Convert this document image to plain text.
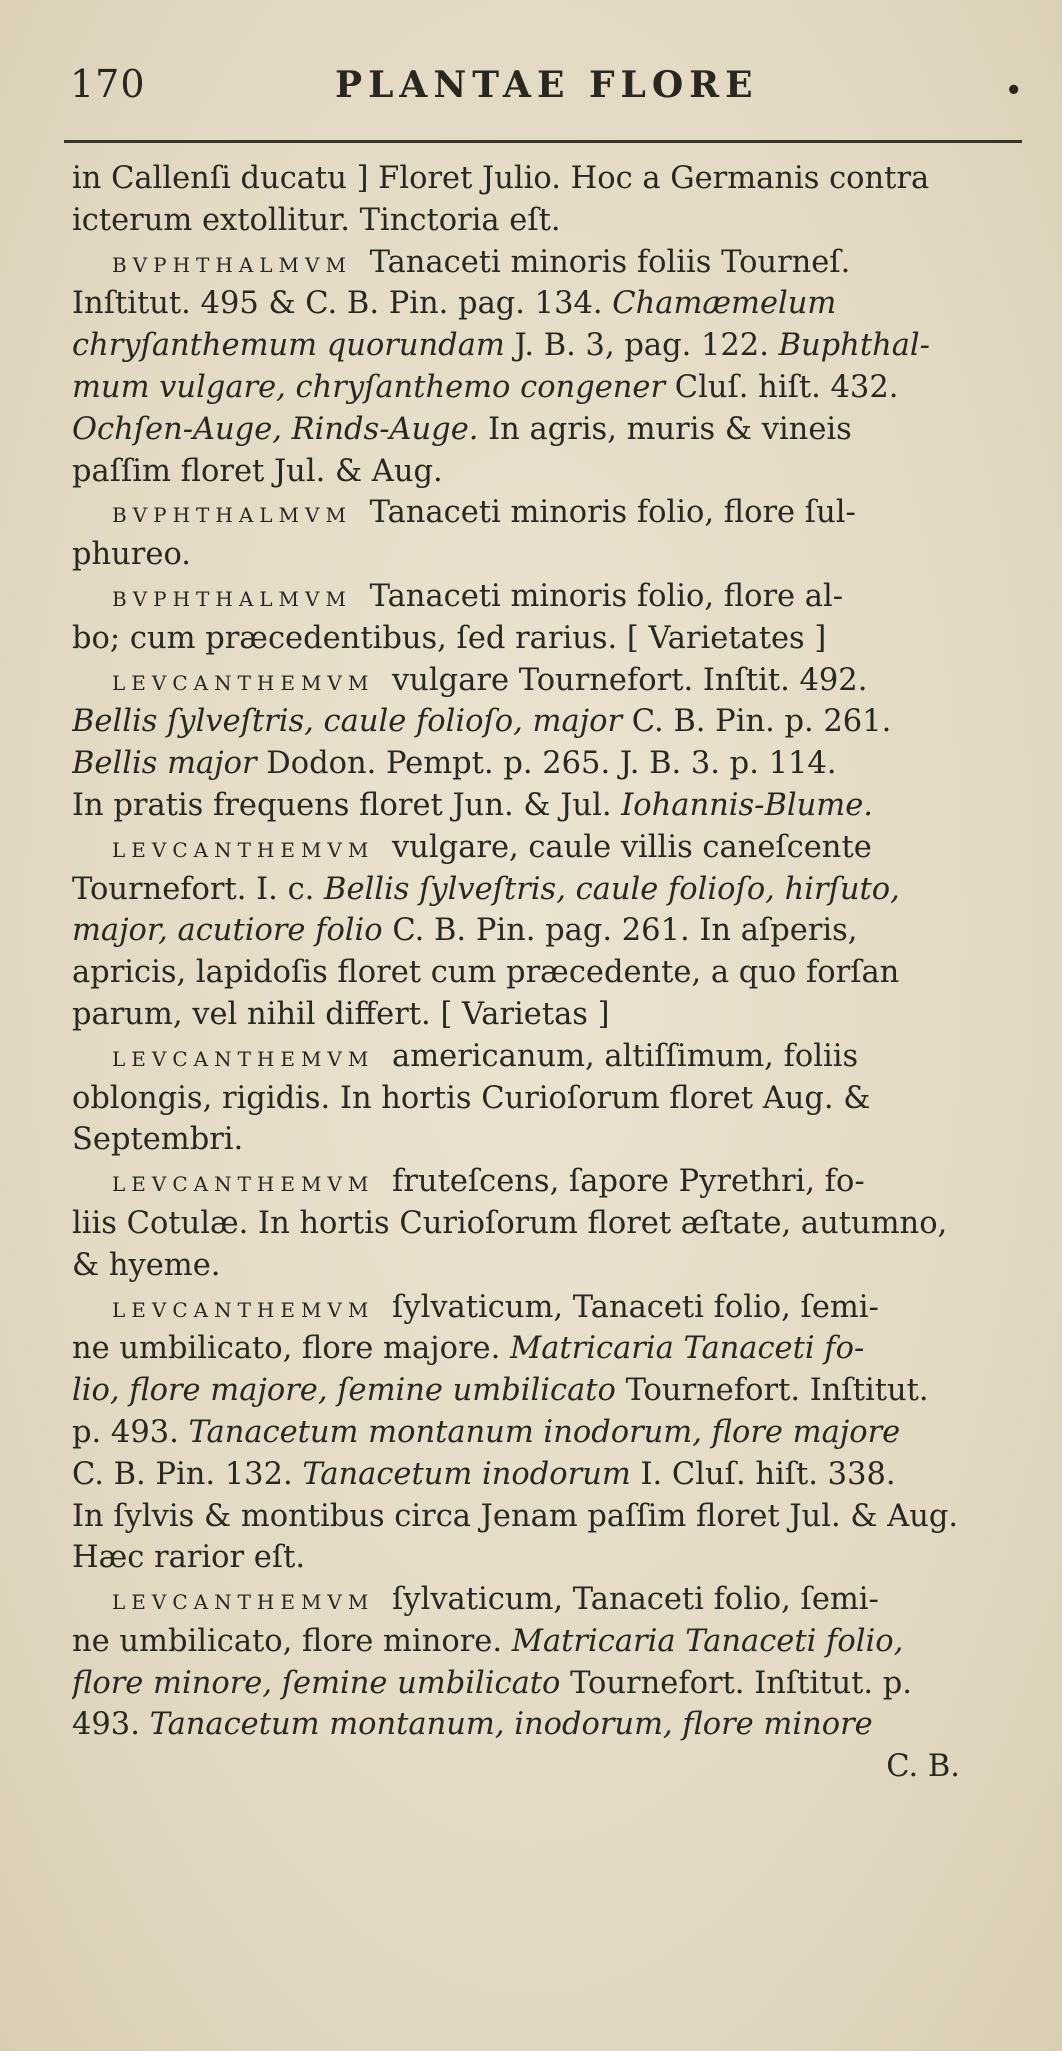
170	PLANTAE FLORE	•
in Callenſi ducatu ] Floret Julio. Hoc a Germanis contra
icterum extollitur. Tinctoria eſt.
BVPHTHALMVM Tanaceti minoris foliis Tourneſ.
Inſtitut. 495 & C. B. Pin. pag. 134. Chamæmelum
chryſanthemum quorundam J. B. 3, pag. 122. Buphthal-
mum vulgare, chryſanthemo congener Cluſ. hiſt. 432.
Ochſen-Auge, Rinds-Auge. In agris, muris & vineis
paſſim floret Jul. & Aug.
BVPHTHALMVM Tanaceti minoris folio, flore ſul-
phureo.
BVPHTHALMVM Tanaceti minoris folio, flore al-
bo; cum præcedentibus, ſed rarius. [ Varietates ]
LEVCANTHEMVM vulgare Tournefort. Inſtit. 492.
Bellis ſylveſtris, caule folioſo, major C. B. Pin. p. 261.
Bellis major Dodon. Pempt. p. 265. J. B. 3. p. 114.
In pratis frequens floret Jun. & Jul. Iohannis-Blume.
LEVCANTHEMVM vulgare, caule villis caneſcente
Tournefort. I. c. Bellis ſylveſtris, caule folioſo, hirſuto,
major, acutiore folio C. B. Pin. pag. 261. In aſperis,
apricis, lapidoſis floret cum præcedente, a quo forſan
parum, vel nihil differt. [ Varietas ]
LEVCANTHEMVM americanum, altiſſimum, foliis
oblongis, rigidis. In hortis Curioſorum floret Aug. &
Septembri.
LEVCANTHEMVM fruteſcens, ſapore Pyrethri, fo-
liis Cotulæ. In hortis Curioſorum floret æſtate, autumno,
& hyeme.
LEVCANTHEMVM ſylvaticum, Tanaceti folio, ſemi-
ne umbilicato, flore majore. Matricaria Tanaceti fo-
lio, flore majore, ſemine umbilicato Tournefort. Inſtitut.
p. 493. Tanacetum montanum inodorum, flore majore
C. B. Pin. 132. Tanacetum inodorum I. Cluſ. hiſt. 338.
In ſylvis & montibus circa Jenam paſſim floret Jul. & Aug.
Hæc rarior eſt.
LEVCANTHEMVM ſylvaticum, Tanaceti folio, ſemi-
ne umbilicato, flore minore. Matricaria Tanaceti folio,
flore minore, ſemine umbilicato Tournefort. Inſtitut. p.
493. Tanacetum montanum, inodorum, flore minore
C. B.
